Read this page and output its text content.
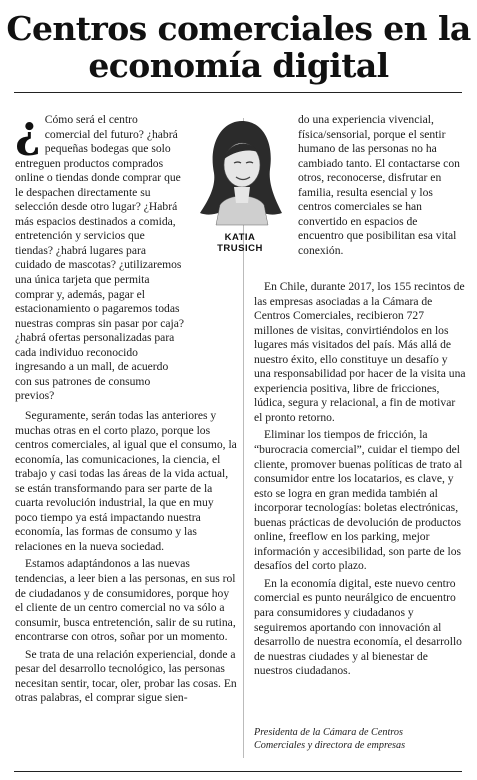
Centros comerciales en la
economía digital
KATIA
TRUSICH

¿ Cómo será el centro comercial del futuro? ¿habrá pequeñas bodegas que solo entreguen productos comprados online o tiendas donde comprar que le despachen directamente su selección desde otro lugar? ¿Habrá más espacios destinados a comida, entretención y servicios que tiendas? ¿habrá lugares para cuidado de mascotas? ¿utilizaremos una única tarjeta que permita comprar y, además, pagar el estacionamiento o pagaremos todas nuestras compras sin pasar por caja? ¿habrá ofertas personalizadas para cada individuo reconocido ingresando a un mall, de acuerdo con sus patrones de consumo previos?

Seguramente, serán todas las anteriores y muchas otras en el corto plazo, porque los centros comerciales, al igual que el consumo, la economía, las comunicaciones, la ciencia, el trabajo y casi todas las áreas de la vida actual, se están transformando para ser parte de la cuarta revolución industrial, la que en muy poco tiempo ya está impactando nuestra economía, las formas de consumo y las relaciones en la nueva sociedad.

Estamos adaptándonos a las nuevas tendencias, a leer bien a las personas, en sus rol de ciudadanos y de consumidores, porque hoy el cliente de un centro comercial no va sólo a consumir, busca entretención, salir de su rutina, encontrarse con otros, soñar por un momento.

Se trata de una relación experiencial, donde a pesar del desarrollo tecnológico, las personas necesitan sentir, tocar, oler, probar las cosas. En otras palabras, el comprar sigue sien-

do una experiencia vivencial, física/sensorial, porque el sentir humano de las personas no ha cambiado tanto. El contactarse con otros, reconocerse, disfrutar en familia, resulta esencial y los centros comerciales se han convertido en espacios de encuentro que posibilitan esa vital conexión.

En Chile, durante 2017, los 155 recintos de las empresas asociadas a la Cámara de Centros Comerciales, recibieron 727 millones de visitas, convirtiéndolos en los lugares más visitados del país. Más allá de nuestro éxito, ello constituye un desafío y una responsabilidad por hacer de la visita una experiencia positiva, libre de fricciones, lúdica, segura y relacional, a fin de motivar el pronto retorno.

Eliminar los tiempos de fricción, la “burocracia comercial”, cuidar el tiempo del cliente, promover buenas políticas de trato al consumidor entre los locatarios, es clave, y esto se logra en gran medida también al incorporar tecnologías: boletas electrónicas, buenas prácticas de devolución de productos online, freeflow en los parking, mejor información y accesibilidad, son parte de los desafíos del corto plazo.

En la economía digital, este nuevo centro comercial es punto neurálgico de encuentro para consumidores y ciudadanos y seguiremos aportando con innovación al desarrollo de nuestra economía, el desarrollo de nuestras ciudades y al bienestar de nuestros ciudadanos.

Presidenta de la Cámara de Centros
Comerciales y directora de empresas
